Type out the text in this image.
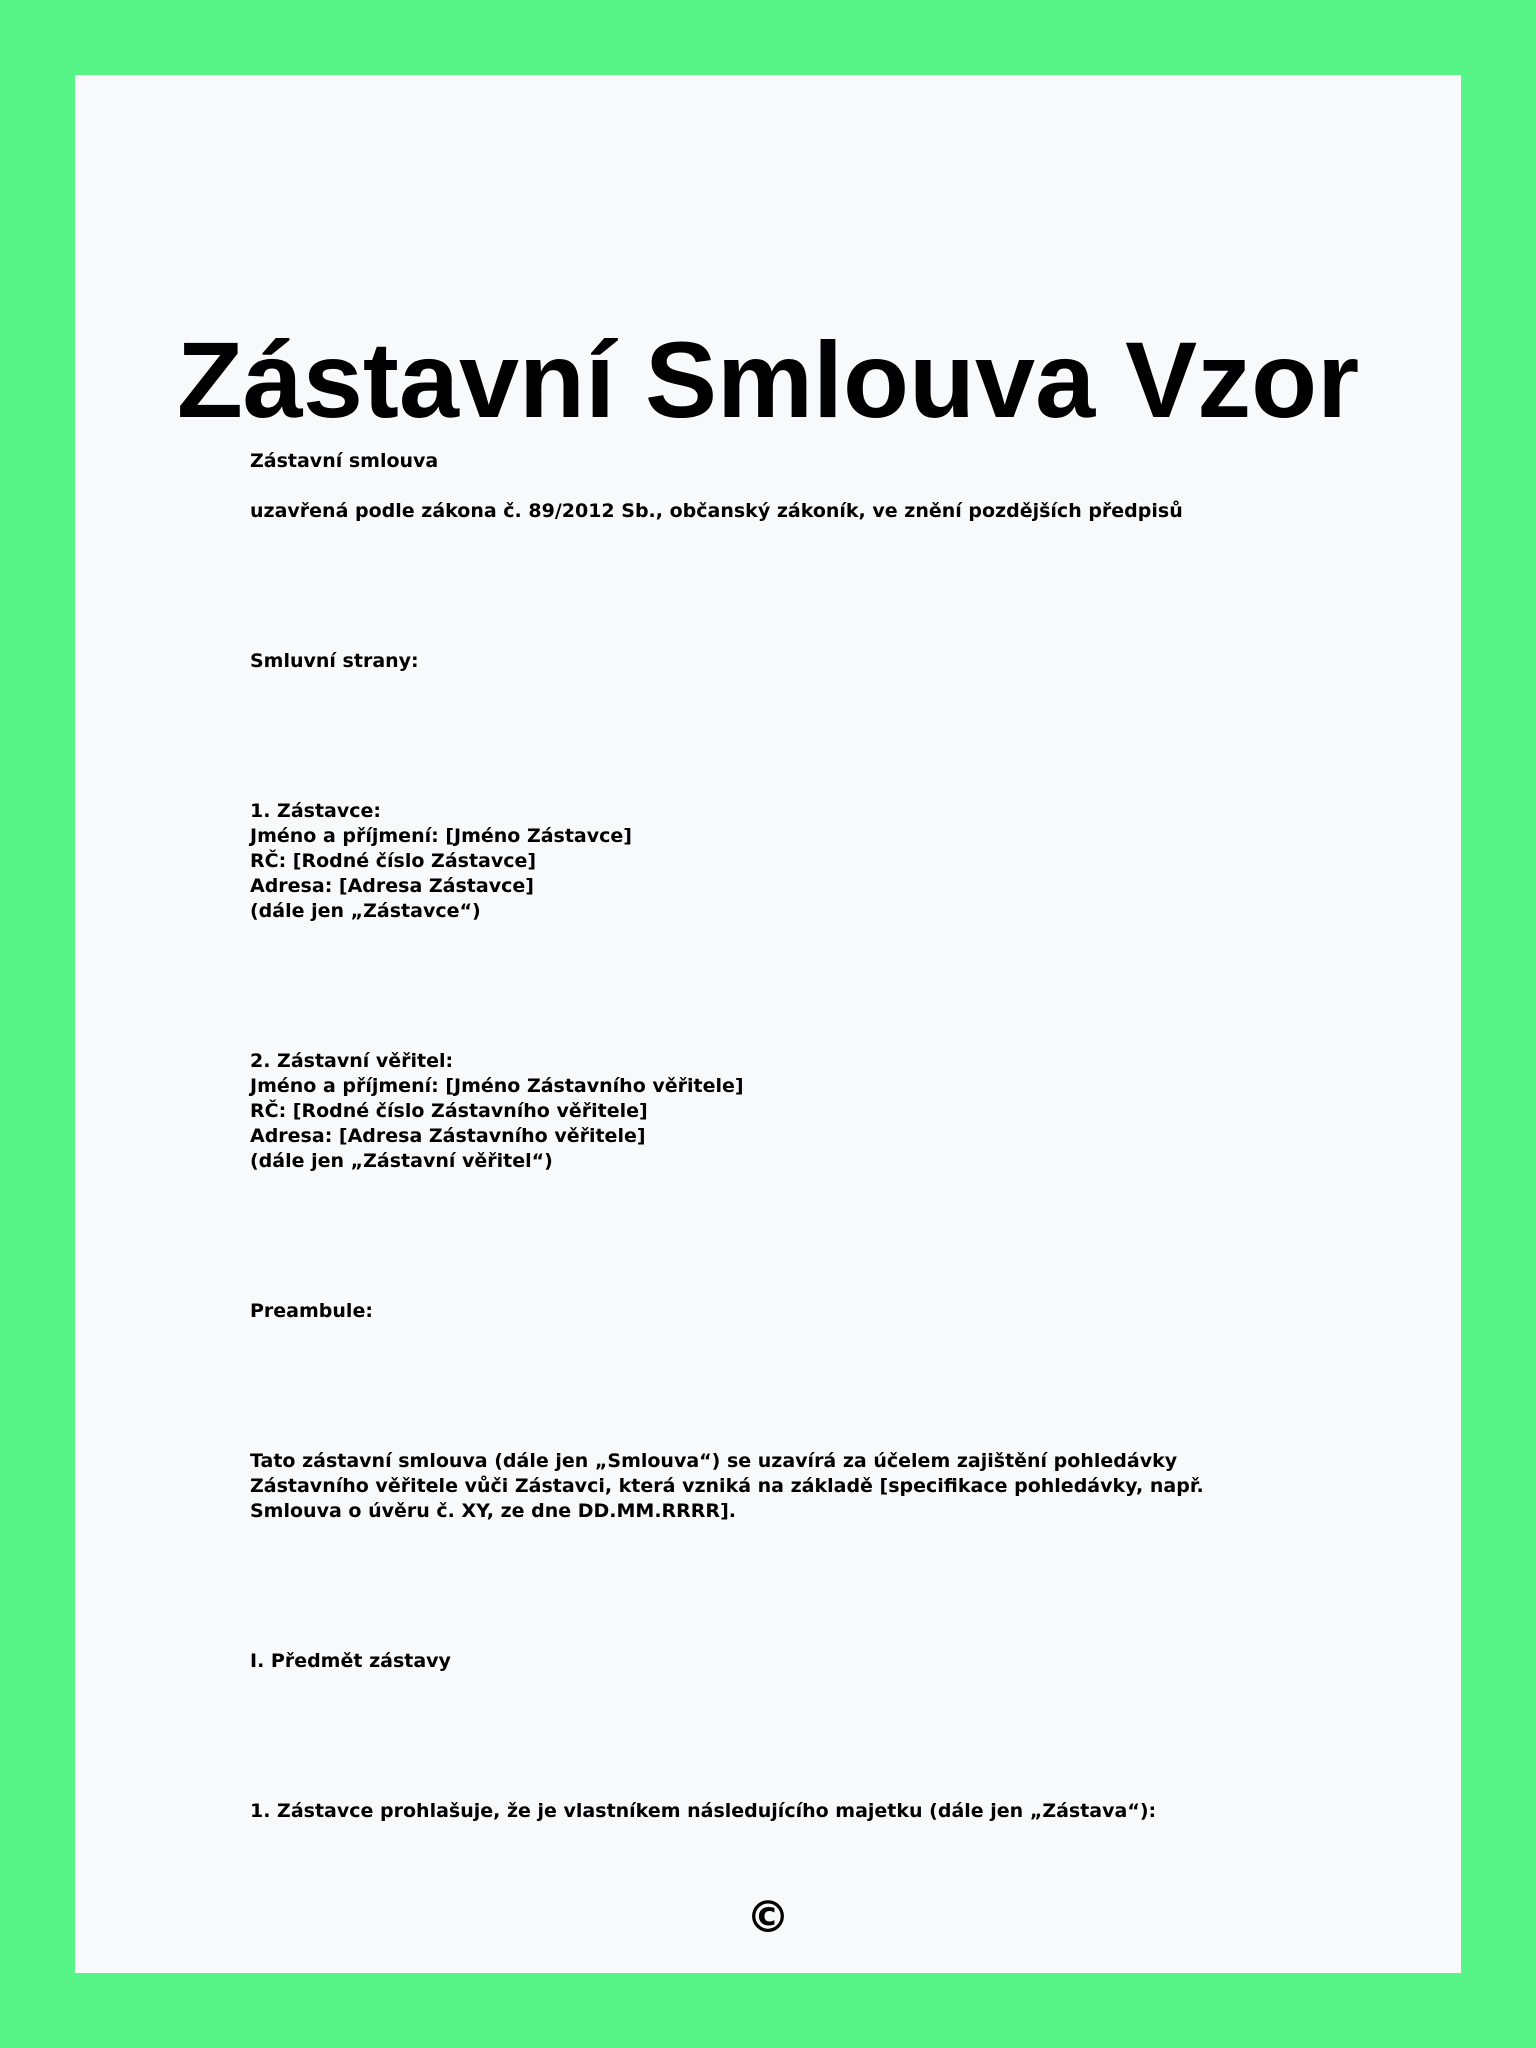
Zástavní Smlouva Vzor
Zástavní smlouva
uzavřená podle zákona č. 89/2012 Sb., občanský zákoník, ve znění pozdějších předpisů
Smluvní strany:
1. Zástavce:
Jméno a příjmení: [Jméno Zástavce]
RČ: [Rodné číslo Zástavce]
Adresa: [Adresa Zástavce]
(dále jen „Zástavce“)
2. Zástavní věřitel:
Jméno a příjmení: [Jméno Zástavního věřitele]
RČ: [Rodné číslo Zástavního věřitele]
Adresa: [Adresa Zástavního věřitele]
(dále jen „Zástavní věřitel“)
Preambule:
Tato zástavní smlouva (dále jen „Smlouva“) se uzavírá za účelem zajištění pohledávky Zástavního věřitele vůči Zástavci, která vzniká na základě [specifikace pohledávky, např. Smlouva o úvěru č. XY, ze dne DD.MM.RRRR].
I. Předmět zástavy
1. Zástavce prohlašuje, že je vlastníkem následujícího majetku (dále jen „Zástava“):
©
